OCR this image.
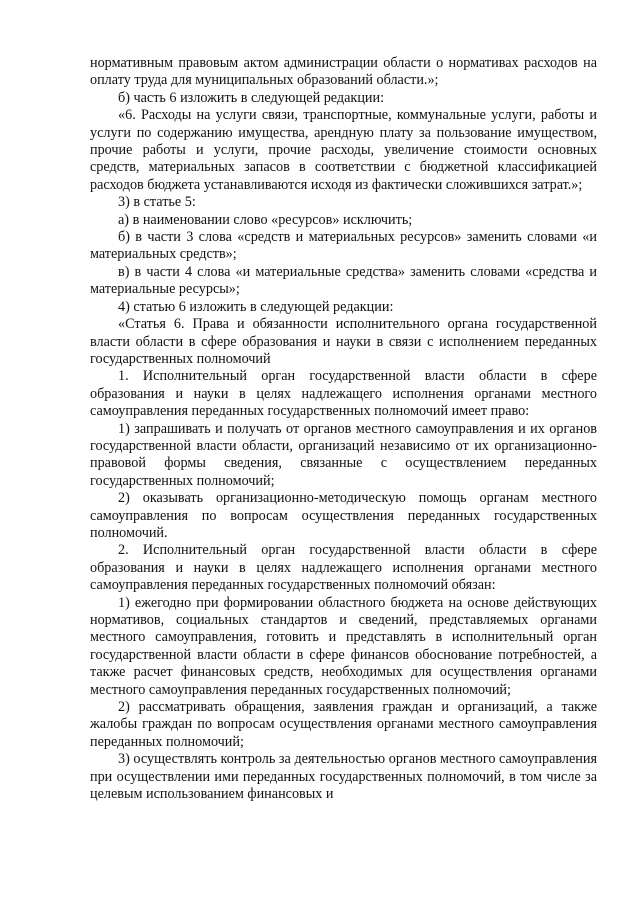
нормативным правовым актом администрации области о нормативах расходов на оплату труда для муниципальных образований области.»;

б) часть 6 изложить в следующей редакции:

«6. Расходы на услуги связи, транспортные, коммунальные услуги, работы и услуги по содержанию имущества, арендную плату за пользование имуществом, прочие работы и услуги, прочие расходы, увеличение стоимости основных средств, материальных запасов в соответствии с бюджетной классификацией расходов бюджета устанавливаются исходя из фактически сложившихся затрат.»;

3) в статье 5:

а) в наименовании слово «ресурсов» исключить;

б) в части 3 слова «средств и материальных ресурсов» заменить словами «и материальных средств»;

в) в части 4 слова «и материальные средства» заменить словами «средства и материальные ресурсы»;

4) статью 6 изложить в следующей редакции:

«Статья 6. Права и обязанности исполнительного органа государственной власти области в сфере образования и науки в связи с исполнением переданных государственных полномочий

1. Исполнительный орган государственной власти области в сфере образования и науки в целях надлежащего исполнения органами местного самоуправления переданных государственных полномочий имеет право:

1) запрашивать и получать от органов местного самоуправления и их органов государственной власти области, организаций независимо от их организационно-правовой формы сведения, связанные с осуществлением переданных государственных полномочий;

2) оказывать организационно-методическую помощь органам местного самоуправления по вопросам осуществления переданных государственных полномочий.

2. Исполнительный орган государственной власти области в сфере образования и науки в целях надлежащего исполнения органами местного самоуправления переданных государственных полномочий обязан:

1) ежегодно при формировании областного бюджета на основе действующих нормативов, социальных стандартов и сведений, представляемых органами местного самоуправления, готовить и представлять в исполнительный орган государственной власти области в сфере финансов обоснование потребностей, а также расчет финансовых средств, необходимых для осуществления органами местного самоуправления переданных государственных полномочий;

2) рассматривать обращения, заявления граждан и организаций, а также жалобы граждан по вопросам осуществления органами местного самоуправления переданных полномочий;

3) осуществлять контроль за деятельностью органов местного самоуправления при осуществлении ими переданных государственных полномочий, в том числе за целевым использованием финансовых и
